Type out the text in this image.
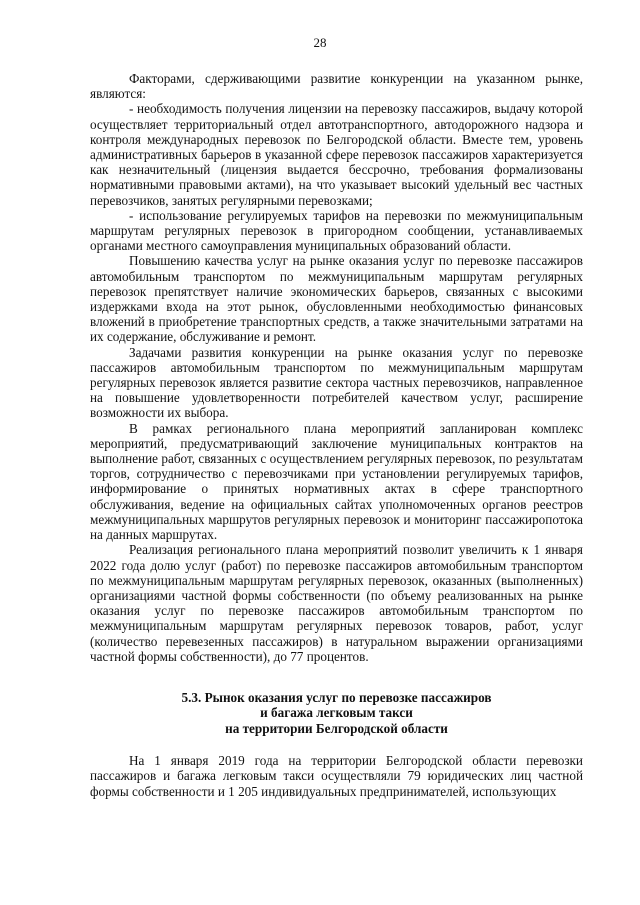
28

Факторами, сдерживающими развитие конкуренции на указанном рынке, являются:

- необходимость получения лицензии на перевозку пассажиров, выдачу которой осуществляет территориальный отдел автотранспортного, автодорожного надзора и контроля международных перевозок по Белгородской области. Вместе тем, уровень административных барьеров в указанной сфере перевозок пассажиров характеризуется как незначительный (лицензия выдается бессрочно, требования формализованы нормативными правовыми актами), на что указывает высокий удельный вес частных перевозчиков, занятых регулярными перевозками;

- использование регулируемых тарифов на перевозки по межмуниципальным маршрутам регулярных перевозок в пригородном сообщении, устанавливаемых органами местного самоуправления муниципальных образований области.

Повышению качества услуг на рынке оказания услуг по перевозке пассажиров автомобильным транспортом по межмуниципальным маршрутам регулярных перевозок препятствует наличие экономических барьеров, связанных с высокими издержками входа на этот рынок, обусловленными необходимостью финансовых вложений в приобретение транспортных средств, а также значительными затратами на их содержание, обслуживание и ремонт.

Задачами развития конкуренции на рынке оказания услуг по перевозке пассажиров автомобильным транспортом по межмуниципальным маршрутам регулярных перевозок является развитие сектора частных перевозчиков, направленное на повышение удовлетворенности потребителей качеством услуг, расширение возможности их выбора.

В рамках регионального плана мероприятий запланирован комплекс мероприятий, предусматривающий заключение муниципальных контрактов на выполнение работ, связанных с осуществлением регулярных перевозок, по результатам торгов, сотрудничество с перевозчиками при установлении регулируемых тарифов, информирование о принятых нормативных актах в сфере транспортного обслуживания, ведение на официальных сайтах уполномоченных органов реестров межмуниципальных маршрутов регулярных перевозок и мониторинг пассажиропотока на данных маршрутах.

Реализация регионального плана мероприятий позволит увеличить к 1 января 2022 года долю услуг (работ) по перевозке пассажиров автомобильным транспортом по межмуниципальным маршрутам регулярных перевозок, оказанных (выполненных) организациями частной формы собственности (по объему реализованных на рынке оказания услуг по перевозке пассажиров автомобильным транспортом по межмуниципальным маршрутам регулярных перевозок товаров, работ, услуг (количество перевезенных пассажиров) в натуральном выражении организациями частной формы собственности), до 77 процентов.

5.3. Рынок оказания услуг по перевозке пассажиров
и багажа легковым такси
на территории Белгородской области

На 1 января 2019 года на территории Белгородской области перевозки пассажиров и багажа легковым такси осуществляли 79 юридических лиц частной формы собственности и 1 205 индивидуальных предпринимателей, использующих
